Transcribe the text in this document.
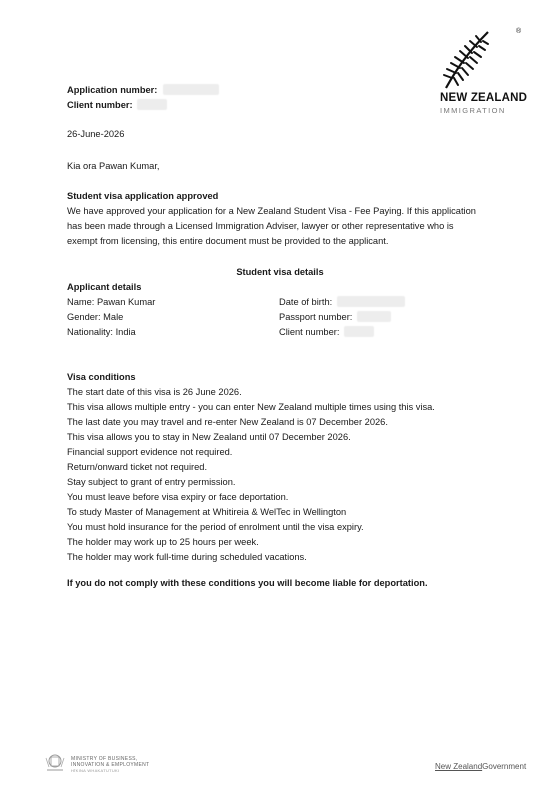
®
NEW ZEALAND
IMMIGRATION
Application number:
Client number:
26-June-2026
Kia ora Pawan Kumar,
Student visa application approved
We have approved your application for a New Zealand Student Visa - Fee Paying. If this application
has been made through a Licensed Immigration Adviser, lawyer or other representative who is
exempt from licensing, this entire document must be provided to the applicant.
Student visa details
Applicant details
Name: Pawan Kumar	Date of birth:
Gender: Male	Passport number:
Nationality: India	Client number:
Visa conditions
The start date of this visa is 26 June 2026.
This visa allows multiple entry - you can enter New Zealand multiple times using this visa.
The last date you may travel and re-enter New Zealand is 07 December 2026.
This visa allows you to stay in New Zealand until 07 December 2026.
Financial support evidence not required.
Return/onward ticket not required.
Stay subject to grant of entry permission.
You must leave before visa expiry or face deportation.
To study Master of Management at Whitireia & WelTec in Wellington
You must hold insurance for the period of enrolment until the visa expiry.
The holder may work up to 25 hours per week.
The holder may work full-time during scheduled vacations.
If you do not comply with these conditions you will become liable for deportation.
MINISTRY OF BUSINESS,
INNOVATION & EMPLOYMENT
HĪKINA WHAKATUTUKI	New ZealandGovernment
